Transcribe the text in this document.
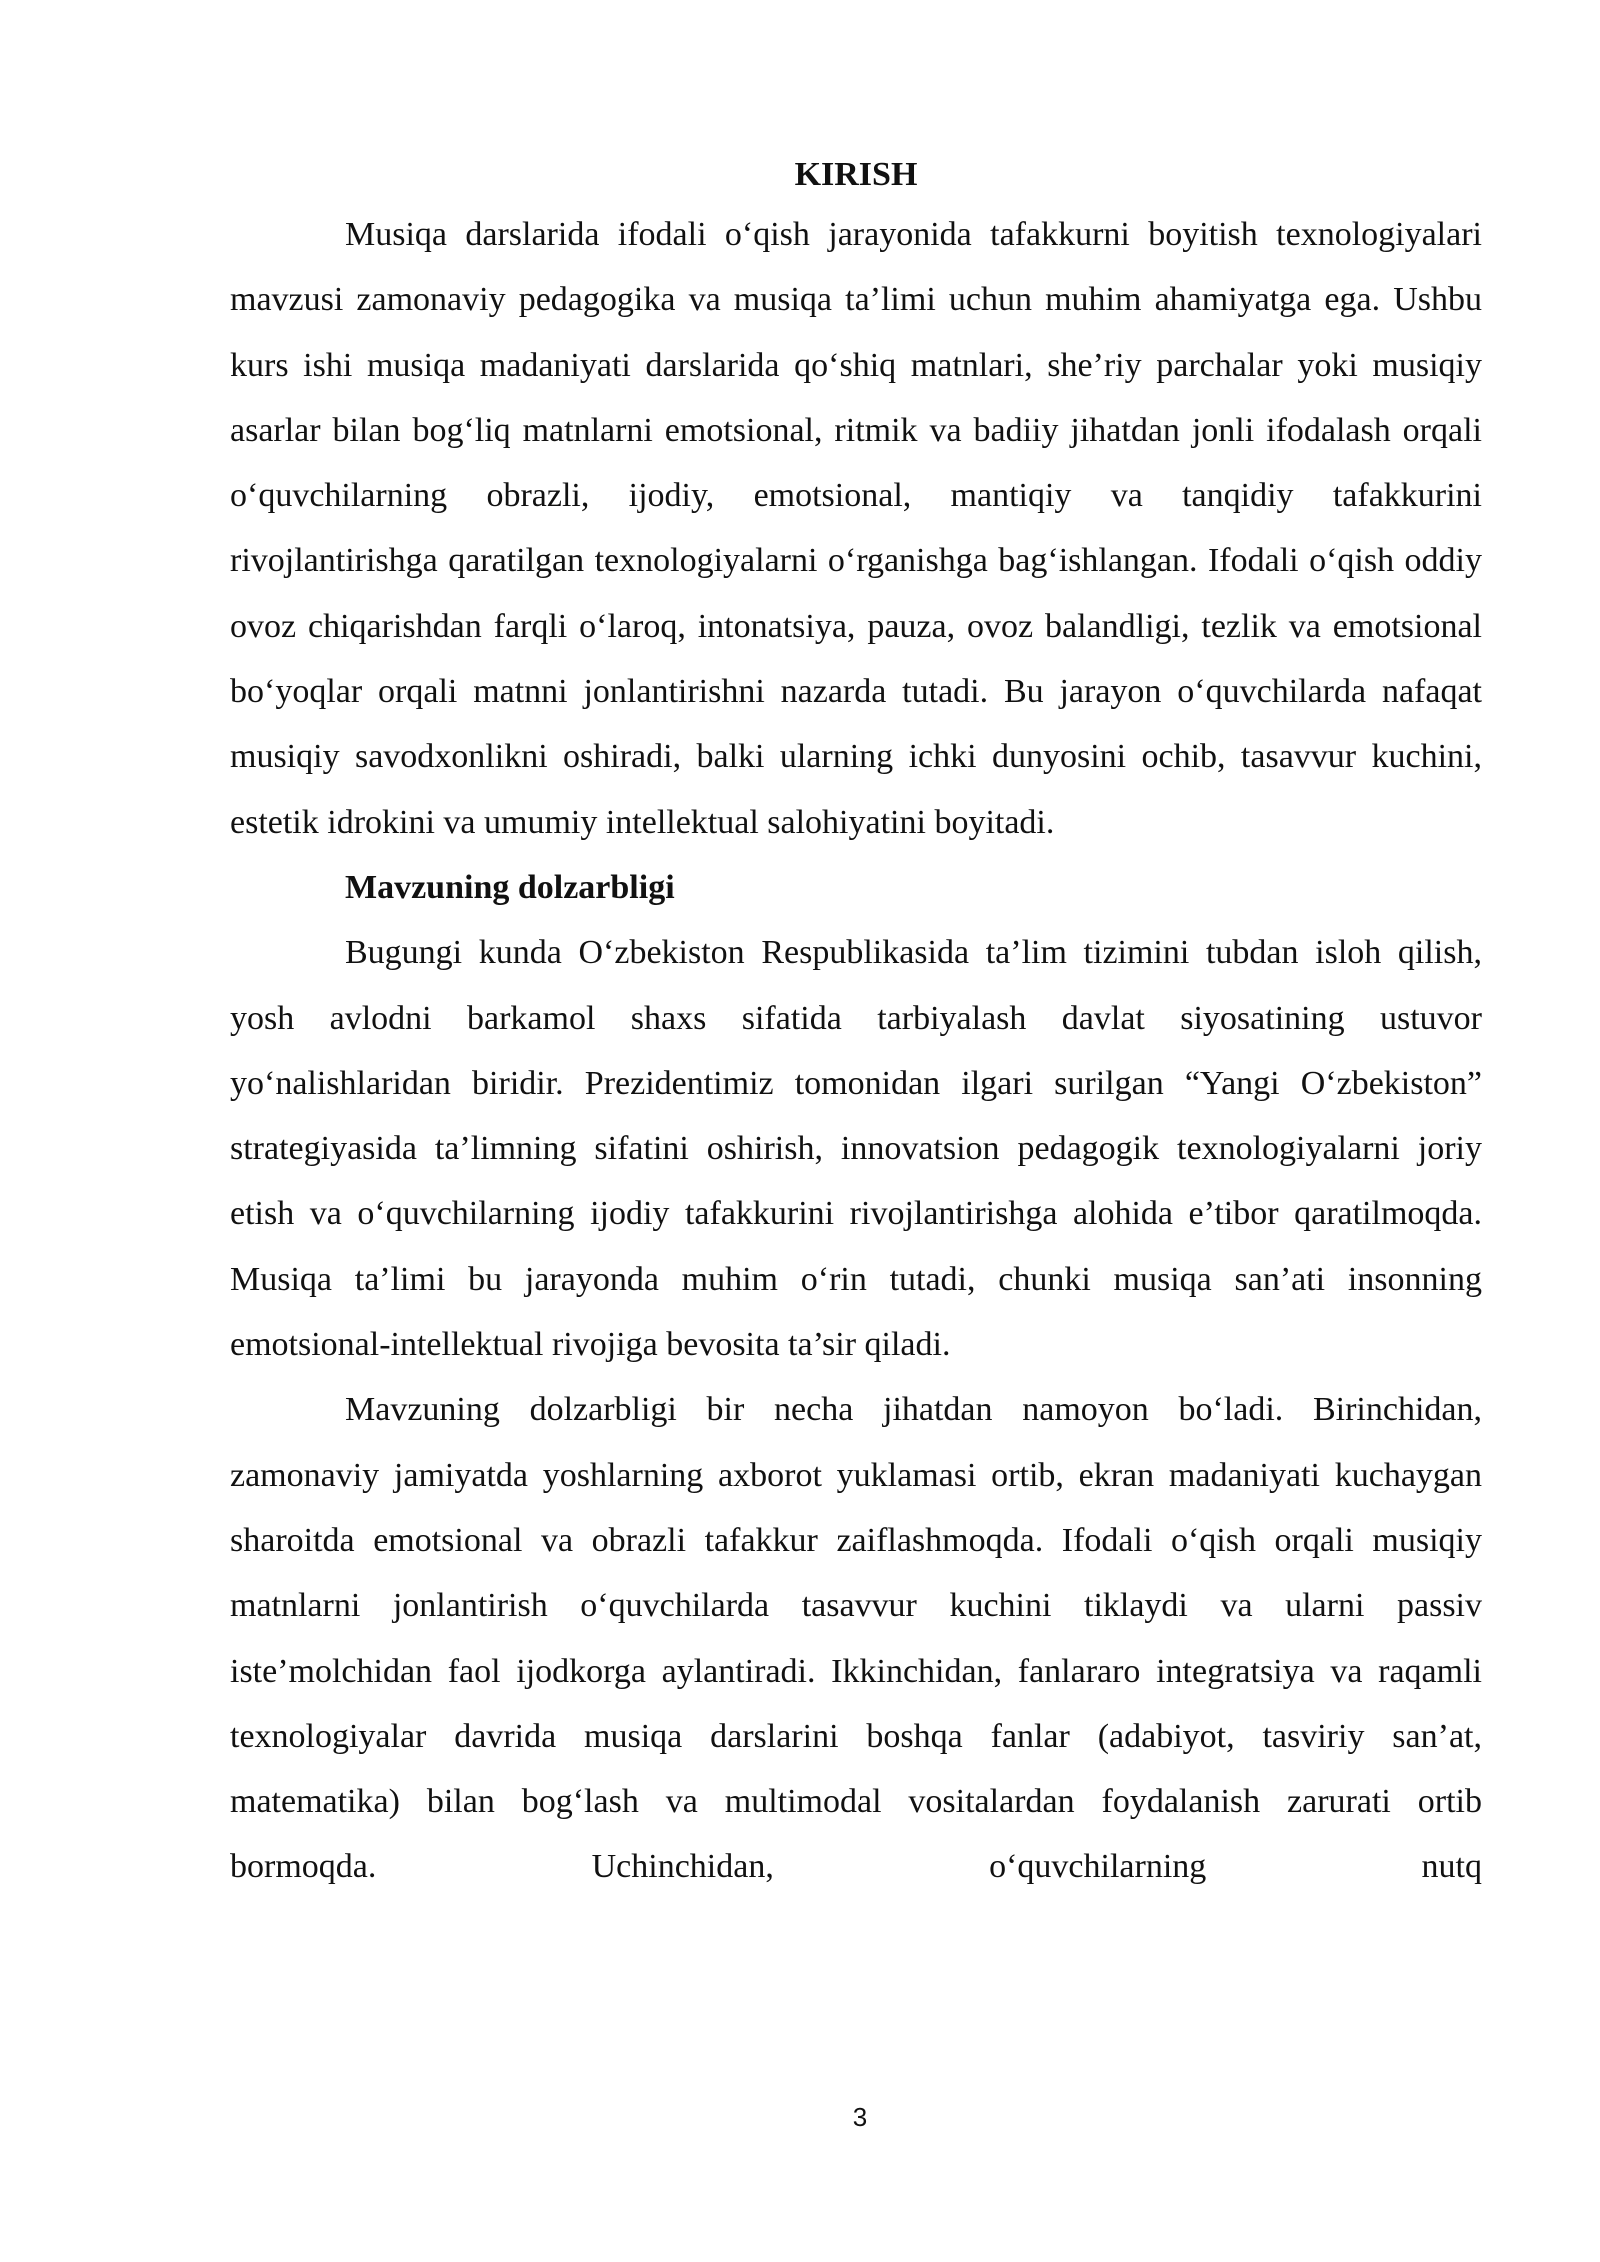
KIRISH

Musiqa darslarida ifodali o‘qish jarayonida tafakkurni boyitish texnologiyalari mavzusi zamonaviy pedagogika va musiqa ta’limi uchun muhim ahamiyatga ega. Ushbu kurs ishi musiqa madaniyati darslarida qo‘shiq matnlari, she’riy parchalar yoki musiqiy asarlar bilan bog‘liq matnlarni emotsional, ritmik va badiiy jihatdan jonli ifodalash orqali o‘quvchilarning obrazli, ijodiy, emotsional, mantiqiy va tanqidiy tafakkurini rivojlantirishga qaratilgan texnologiyalarni o‘rganishga bag‘ishlangan. Ifodali o‘qish oddiy ovoz chiqarishdan farqli o‘laroq, intonatsiya, pauza, ovoz balandligi, tezlik va emotsional bo‘yoqlar orqali matnni jonlantirishni nazarda tutadi. Bu jarayon o‘quvchilarda nafaqat musiqiy savodxonlikni oshiradi, balki ularning ichki dunyosini ochib, tasavvur kuchini, estetik idrokini va umumiy intellektual salohiyatini boyitadi.

Mavzuning dolzarbligi

Bugungi kunda O‘zbekiston Respublikasida ta’lim tizimini tubdan isloh qilish, yosh avlodni barkamol shaxs sifatida tarbiyalash davlat siyosatining ustuvor yo‘nalishlaridan biridir. Prezidentimiz tomonidan ilgari surilgan “Yangi O‘zbekiston” strategiyasida ta’limning sifatini oshirish, innovatsion pedagogik texnologiyalarni joriy etish va o‘quvchilarning ijodiy tafakkurini rivojlantirishga alohida e’tibor qaratilmoqda. Musiqa ta’limi bu jarayonda muhim o‘rin tutadi, chunki musiqa san’ati insonning emotsional-intellektual rivojiga bevosita ta’sir qiladi.

Mavzuning dolzarbligi bir necha jihatdan namoyon bo‘ladi. Birinchidan, zamonaviy jamiyatda yoshlarning axborot yuklamasi ortib, ekran madaniyati kuchaygan sharoitda emotsional va obrazli tafakkur zaiflashmoqda. Ifodali o‘qish orqali musiqiy matnlarni jonlantirish o‘quvchilarda tasavvur kuchini tiklaydi va ularni passiv iste’molchidan faol ijodkorga aylantiradi. Ikkinchidan, fanlararo integratsiya va raqamli texnologiyalar davrida musiqa darslarini boshqa fanlar (adabiyot, tasviriy san’at, matematika) bilan bog‘lash va multimodal vositalardan foydalanish zarurati ortib bormoqda. Uchinchidan, o‘quvchilarning nutq

3
